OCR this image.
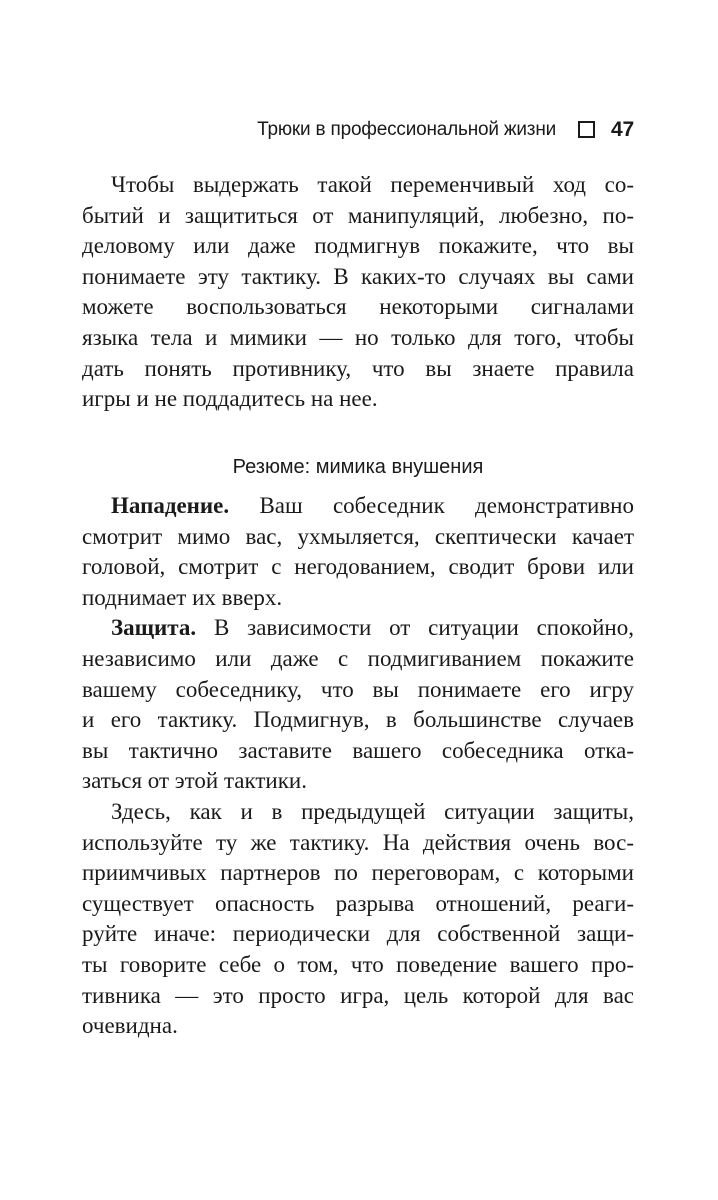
Трюки в профессиональной жизни	47
Чтобы выдержать такой переменчивый ход со-
бытий и защититься от манипуляций, любезно, по-
деловому или даже подмигнув покажите, что вы
понимаете эту тактику. В каких-то случаях вы сами
можете воспользоваться некоторыми сигналами
языка тела и мимики — но только для того, чтобы
дать понять противнику, что вы знаете правила
игры и не поддадитесь на нее.
Резюме: мимика внушения
Нападение. Ваш собеседник демонстративно
смотрит мимо вас, ухмыляется, скептически качает
головой, смотрит с негодованием, сводит брови или
поднимает их вверх.
Защита. В зависимости от ситуации спокойно,
независимо или даже с подмигиванием покажите
вашему собеседнику, что вы понимаете его игру
и его тактику. Подмигнув, в большинстве случаев
вы тактично заставите вашего собеседника отка-
заться от этой тактики.
Здесь, как и в предыдущей ситуации защиты,
используйте ту же тактику. На действия очень вос-
приимчивых партнеров по переговорам, с которыми
существует опасность разрыва отношений, реаги-
руйте иначе: периодически для собственной защи-
ты говорите себе о том, что поведение вашего про-
тивника — это просто игра, цель которой для вас
очевидна.
